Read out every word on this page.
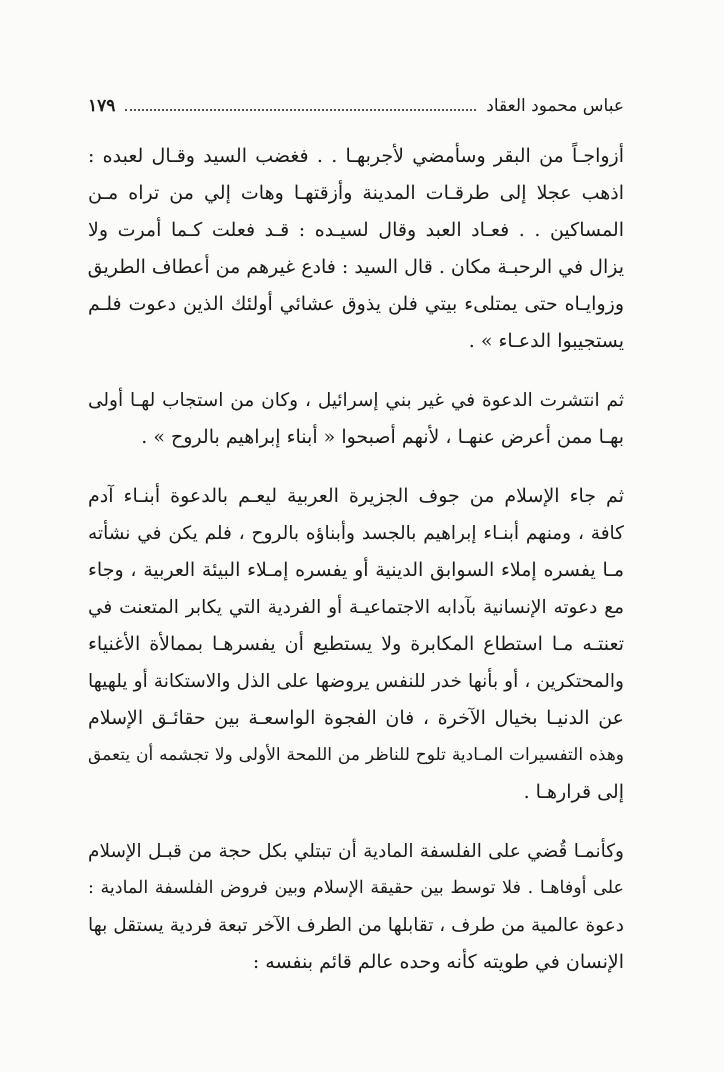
عباس محمود العقاد
١٧٩
أزواجـاً من البقر وسأمضي لأجربهـا . . فغضب السيد وقـال لعبده :
اذهب عجلا إلى طرقـات المدينة وأزقتهـا وهات إلي من تراه مـن
المساكين . . فعـاد العبد وقال لسيـده : قـد فعلت كـما أمرت ولا
يزال في الرحبـة مكان . قال السيد : فادع غيرهم من أعطاف الطريق
وزوايـاه حتى يمتلىء بيتي فلن يذوق عشائي أولئك الذين دعوت فلـم
يستجيبوا الدعـاء » .
ثم انتشرت الدعوة في غير بني إسرائيل ، وكان من استجاب لهـا أولى
بهـا ممن أعرض عنهـا ، لأنهم أصبحوا « أبناء إبراهيم بالروح » .
ثم جاء الإسلام من جوف الجزيرة العربية ليعـم بالدعوة أبنـاء آدم
كافة ، ومنهم أبنـاء إبراهيم بالجسد وأبناؤه بالروح ، فلم يكن في نشأته
مـا يفسره إملاء السوابق الدينية أو يفسره إمـلاء البيئة العربية ، وجاء
مع دعوته الإنسانية بآدابه الاجتماعيـة أو الفردية التي يكابر المتعنت في
تعنتـه مـا استطاع المكابرة ولا يستطيع أن يفسرهـا بممالأة الأغنياء
والمحتكرين ، أو بأنها خدر للنفس يروضها على الذل والاستكانة أو يلهيها
عن الدنيـا بخيال الآخرة ، فان الفجوة الواسعـة بين حقائـق الإسلام
وهذه التفسيرات المـادية تلوح للناظر من اللمحة الأولى ولا تجشمه أن يتعمق
إلى قرارهـا .
وكأنمـا قُضي على الفلسفة المادية أن تبتلي بكل حجة من قبـل الإسلام
على أوفاهـا . فلا توسط بين حقيقة الإسلام وبين فروض الفلسفة المادية :
دعوة عالمية من طرف ، تقابلها من الطرف الآخر تبعة فردية يستقل بها
الإنسان في طويته كأنه وحده عالم قائم بنفسه :
